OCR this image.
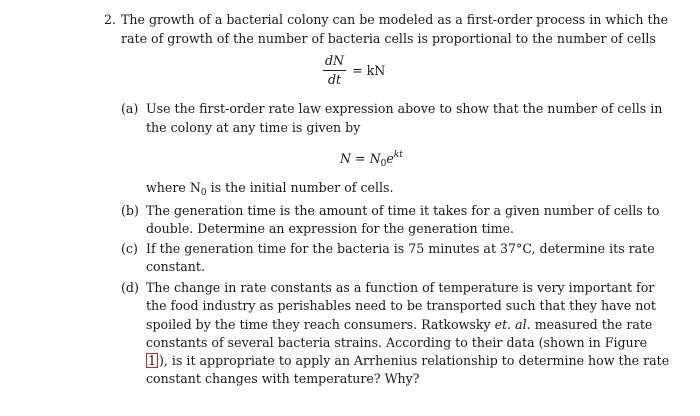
2. The growth of a bacterial colony can be modeled as a first-order process in which the
rate of growth of the number of bacteria cells is proportional to the number of cells
$\frac{dN}{dt}$ = kN
(a) Use the first-order rate law expression above to show that the number of cells in
the colony at any time is given by
$N = N_0e^{kt}$
where $N_0$ is the initial number of cells.
(b) The generation time is the amount of time it takes for a given number of cells to
double. Determine an expression for the generation time.
(c) If the generation time for the bacteria is 75 minutes at 37°C, determine its rate
constant.
(d) The change in rate constants as a function of temperature is very important for
the food industry as perishables need to be transported such that they have not
spoiled by the time they reach consumers. Ratkowsky et. al. measured the rate
constants of several bacteria strains. According to their data (shown in Figure
1 ), is it appropriate to apply an Arrhenius relationship to determine how the rate
constant changes with temperature? Why?
